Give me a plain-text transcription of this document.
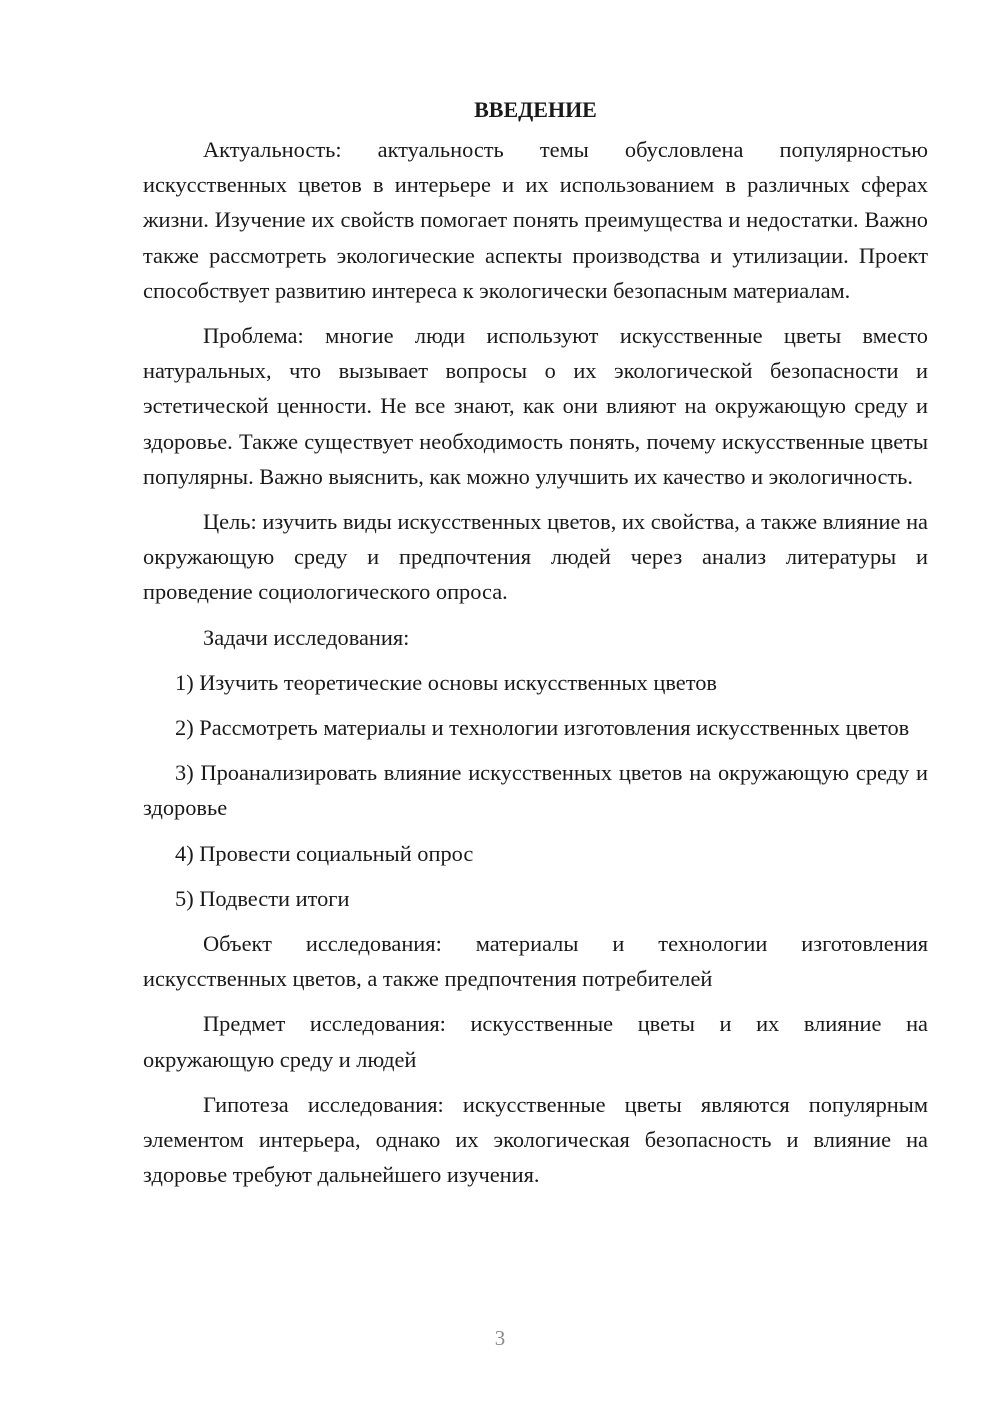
ВВЕДЕНИЕ

Актуальность: актуальность темы обусловлена популярностью искусственных цветов в интерьере и их использованием в различных сферах жизни. Изучение их свойств помогает понять преимущества и недостатки. Важно также рассмотреть экологические аспекты производства и утилизации. Проект способствует развитию интереса к экологически безопасным материалам.

Проблема: многие люди используют искусственные цветы вместо натуральных, что вызывает вопросы о их экологической безопасности и эстетической ценности. Не все знают, как они влияют на окружающую среду и здоровье. Также существует необходимость понять, почему искусственные цветы популярны. Важно выяснить, как можно улучшить их качество и экологичность.

Цель: изучить виды искусственных цветов, их свойства, а также влияние на окружающую среду и предпочтения людей через анализ литературы и проведение социологического опроса.

Задачи исследования:

1) Изучить теоретические основы искусственных цветов

2) Рассмотреть материалы и технологии изготовления искусственных цветов

3) Проанализировать влияние искусственных цветов на окружающую среду и здоровье

4) Провести социальный опрос

5) Подвести итоги

Объект исследования: материалы и технологии изготовления искусственных цветов, а также предпочтения потребителей

Предмет исследования: искусственные цветы и их влияние на окружающую среду и людей

Гипотеза исследования: искусственные цветы являются популярным элементом интерьера, однако их экологическая безопасность и влияние на здоровье требуют дальнейшего изучения.

3
